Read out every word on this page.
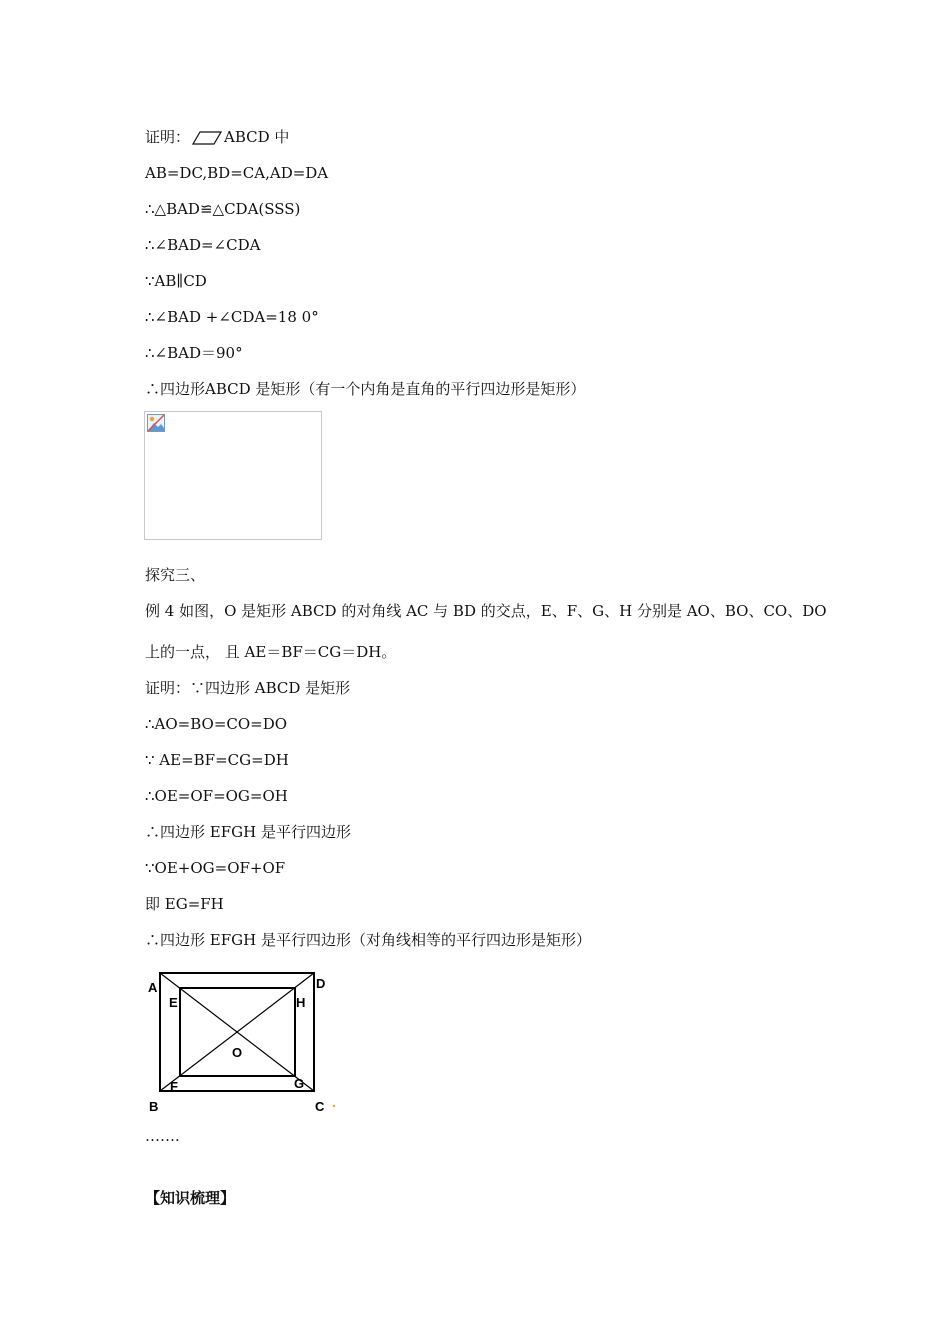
证明： ABCD 中
AB=DC,BD=CA,AD=DA
∴△BAD≌△CDA(SSS)
∴∠BAD=∠CDA
∵AB∥CD
∴∠BAD +∠CDA=18 0°
∴∠BAD＝90°
∴四边形ABCD 是矩形（有一个内角是直角的平行四边形是矩形）
探究三、
例 4 如图，O 是矩形 ABCD 的对角线 AC 与 BD 的交点，E、F、G、H 分别是 AO、BO、CO、DO
上的一点， 且 AE＝BF＝CG＝DH。
证明：∵四边形 ABCD 是矩形
∴AO=BO=CO=DO
∵ AE=BF=CG=DH
∴OE=OF=OG=OH
∴四边形 EFGH 是平行四边形
∵OE+OG=OF+OF
即 EG=FH
∴四边形 EFGH 是平行四边形（对角线相等的平行四边形是矩形）
A	D
E	H
O
F	G
B	C
…….
【知识梳理】
